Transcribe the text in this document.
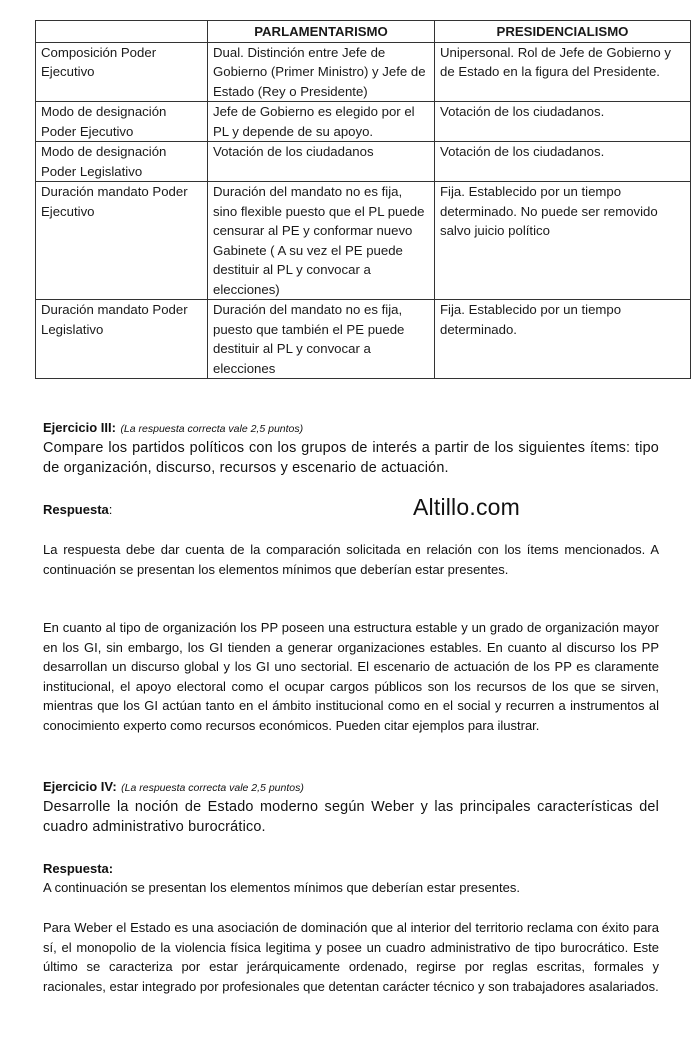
	PARLAMENTARISMO	PRESIDENCIALISMO
Composición Poder Ejecutivo	Dual. Distinción entre Jefe de Gobierno (Primer Ministro) y Jefe de Estado (Rey o Presidente)	Unipersonal. Rol de Jefe de Gobierno y de Estado en la figura del Presidente.
Modo de designación Poder Ejecutivo	Jefe de Gobierno es elegido por el PL y depende de su apoyo.	Votación de los ciudadanos.
Modo de designación Poder Legislativo	Votación de los ciudadanos	Votación de los ciudadanos.
Duración mandato Poder Ejecutivo	Duración del mandato no es fija, sino flexible puesto que el PL puede censurar al PE y conformar nuevo Gabinete ( A su vez el PE puede destituir al PL y convocar a elecciones)	Fija. Establecido por un tiempo determinado. No puede ser removido salvo juicio político
Duración mandato Poder Legislativo	Duración del mandato no es fija, puesto que también el PE puede destituir al PL y convocar a elecciones	Fija. Establecido por un tiempo determinado.
Ejercicio III: (La respuesta correcta vale 2,5 puntos)
Compare los partidos políticos con los grupos de interés a partir de los siguientes ítems: tipo de organización, discurso, recursos y escenario de actuación.
Respuesta:	Altillo.com
La respuesta debe dar cuenta de la comparación solicitada en relación con los ítems mencionados. A continuación se presentan los elementos mínimos que deberían estar presentes.
En cuanto al tipo de organización los PP poseen una estructura estable y un grado de organización mayor en los GI, sin embargo, los GI tienden a generar organizaciones estables. En cuanto al discurso los PP desarrollan un discurso global y los GI uno sectorial. El escenario de actuación de los PP es claramente institucional, el apoyo electoral como el ocupar cargos públicos son los recursos de los que se sirven, mientras que los GI actúan tanto en el ámbito institucional como en el social y recurren a instrumentos al conocimiento experto como recursos económicos. Pueden citar ejemplos para ilustrar.
Ejercicio IV: (La respuesta correcta vale 2,5 puntos)
Desarrolle la noción de Estado moderno según Weber y las principales características del cuadro administrativo burocrático.
Respuesta:
A continuación se presentan los elementos mínimos que deberían estar presentes.
Para Weber el Estado es una asociación de dominación que al interior del territorio reclama con éxito para sí, el monopolio de la violencia física legitima y posee un cuadro administrativo de tipo burocrático. Este último se caracteriza por estar jerárquicamente ordenado, regirse por reglas escritas, formales y racionales, estar integrado por profesionales que detentan carácter técnico y son trabajadores asalariados.
